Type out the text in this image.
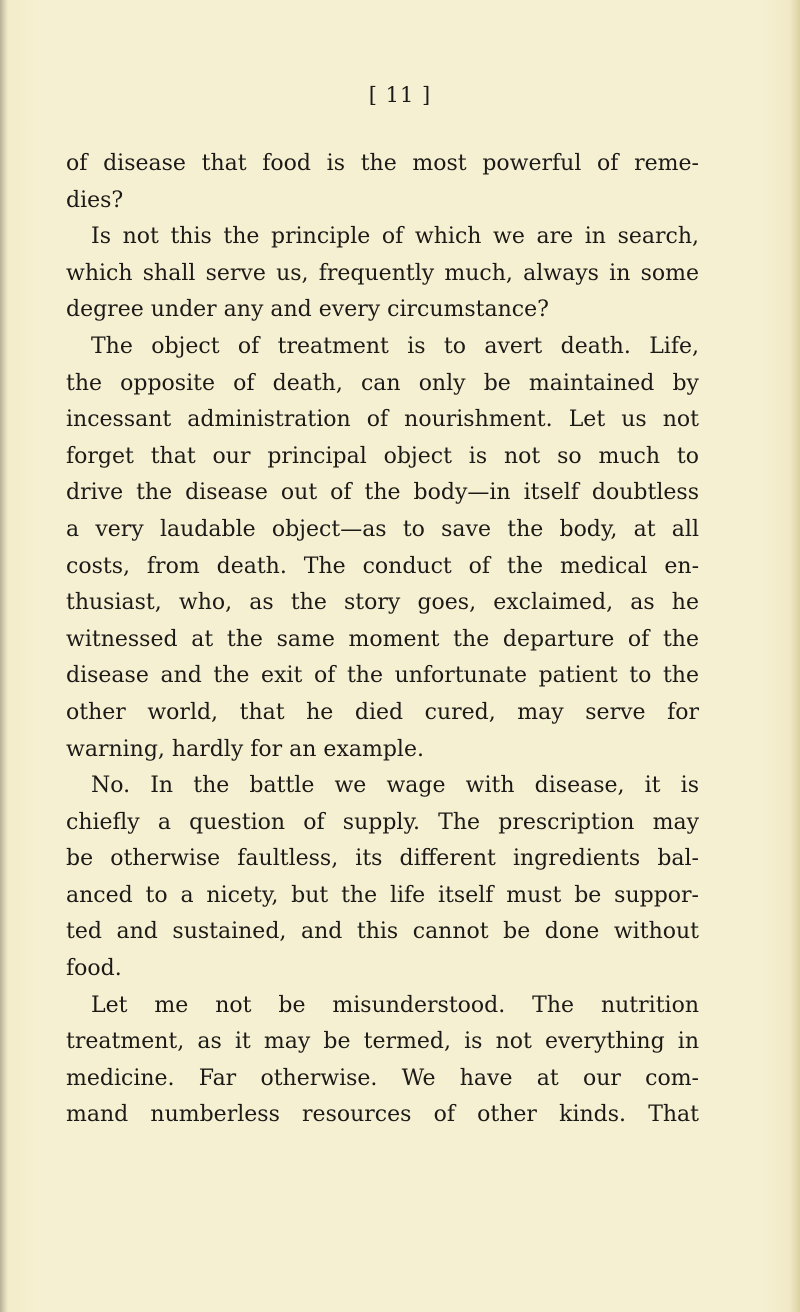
[ 11 ]
of disease that food is the most powerful of reme-
dies?
Is not this the principle of which we are in search,
which shall serve us, frequently much, always in some
degree under any and every circumstance?
The object of treatment is to avert death. Life,
the opposite of death, can only be maintained by
incessant administration of nourishment. Let us not
forget that our principal object is not so much to
drive the disease out of the body—in itself doubtless
a very laudable object—as to save the body, at all
costs, from death. The conduct of the medical en-
thusiast, who, as the story goes, exclaimed, as he
witnessed at the same moment the departure of the
disease and the exit of the unfortunate patient to the
other world, that he died cured, may serve for
warning, hardly for an example.
No. In the battle we wage with disease, it is
chiefly a question of supply. The prescription may
be otherwise faultless, its different ingredients bal-
anced to a nicety, but the life itself must be suppor-
ted and sustained, and this cannot be done without
food.
Let me not be misunderstood. The nutrition
treatment, as it may be termed, is not everything in
medicine. Far otherwise. We have at our com-
mand numberless resources of other kinds. That
